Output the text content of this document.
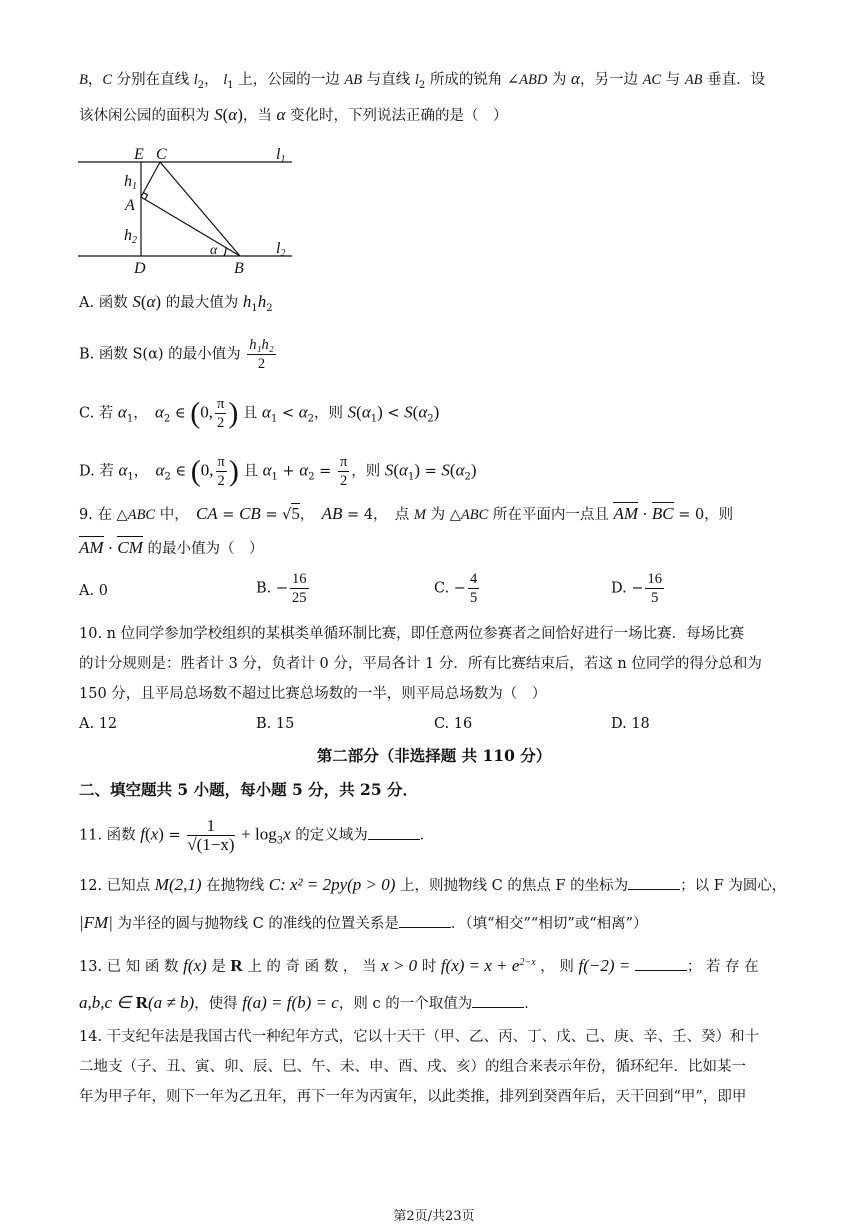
B，C 分别在直线 $l_2$， $l_1$ 上，公园的一边 AB 与直线 $l_2$ 所成的锐角 ∠ABD 为 α，另一边 AC 与 AB 垂直．设
该休闲公园的面积为 S(α)，当 α 变化时，下列说法正确的是（　）
E C	l1
h1
A
h2
α	l2
D	B
A. 函数 S(α) 的最大值为 $h_1h_2$
B. 函数 S(α) 的最小值为 $\frac{\text{h₁h₂}}{2}$
C. 若 $\alpha_1$，　$\alpha_2$ ∈ (0, $\frac{\pi}{2}$ ) 且 $\alpha_1 < \alpha_2$，则 $S(\alpha_1) < S(\alpha_2)$
D. 若 $\alpha_1$，　$\alpha_2$ ∈ (0, $\frac{\pi}{2}$ ) 且 $\alpha_1 + \alpha_2 = \frac{\pi}{2}$ ，则 $S(\alpha_1) = S(\alpha_2)$
9. 在 △ABC 中，　CA = CB = √5，　AB = 4，　点 M 为 △ABC 所在平面内一点且 AM · BC = 0，则
AM · CM 的最小值为（　）
A. 0	B. − $\frac{16}{25}$	C. − $\frac{4}{5}$	D. − $\frac{16}{5}$
10. n 位同学参加学校组织的某棋类单循环制比赛，即任意两位参赛者之间恰好进行一场比赛．每场比赛
的计分规则是：胜者计 3 分，负者计 0 分，平局各计 1 分．所有比赛结束后，若这 n 位同学的得分总和为
150 分，且平局总场数不超过比赛总场数的一半，则平局总场数为（　）
A. 12	B. 15	C. 16	D. 18
第二部分（非选择题 共 110 分）
二、填空题共 5 小题，每小题 5 分，共 25 分．
11. 函数 $f(x) = \frac{1}{√(1-x)} + \log_3x$ 的定义域为	．
12. 已知点 M(2,1) 在抛物线 C: x² = 2py(p > 0) 上，则抛物线 C 的焦点 F 的坐标为	；以 F 为圆心，
|FM| 为半径的圆与抛物线 C 的准线的位置关系是	．（填“相交”“相切”或“相离”）
13. 已 知 函 数 f(x) 是 R 上 的 奇 函 数 ， 当 x > 0 时 $f(x) = x + e^{2-x}$ ， 则 f(−2) =	； 若 存 在
a,b,c ∈ R(a ≠ b)，使得 f(a) = f(b) = c，则 c 的一个取值为	．
14. 干支纪年法是我国古代一种纪年方式，它以十天干（甲、乙、丙、丁、戊、己、庚、辛、壬、癸）和十
二地支（子、丑、寅、卯、辰、巳、午、未、申、酉、戌、亥）的组合来表示年份，循环纪年．比如某一
年为甲子年，则下一年为乙丑年，再下一年为丙寅年，以此类推，排列到癸酉年后，天干回到“甲”，即甲
第2页/共23页
